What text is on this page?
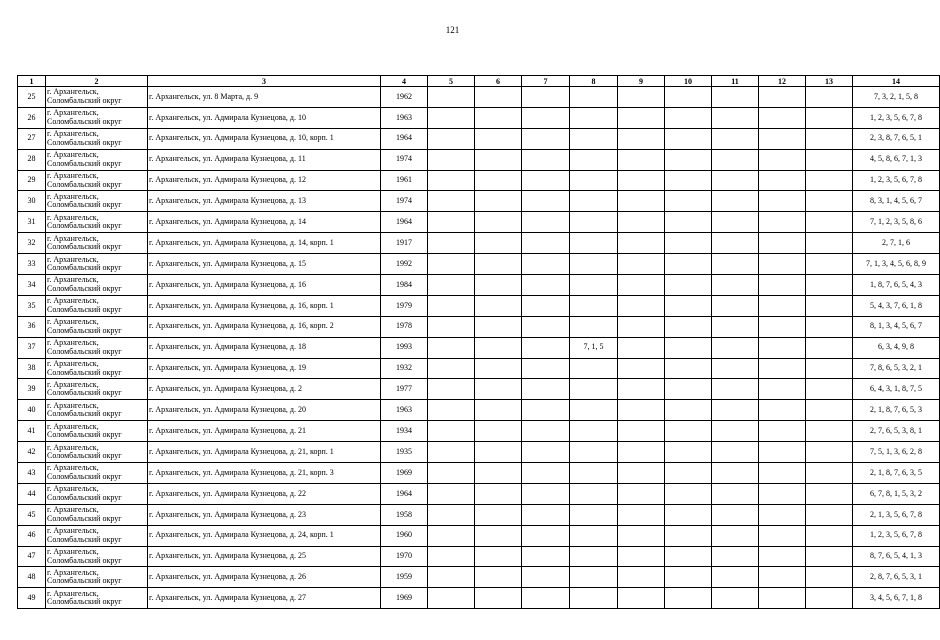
121
1	2	3	4	5	6	7	8	9	10	11	12	13	14
25	г. Архангельск,
Соломбальский округ	г. Архангельск, ул. 8 Марта, д. 9	1962										7, 3, 2, 1, 5, 8
26	г. Архангельск,
Соломбальский округ	г. Архангельск, ул. Адмирала Кузнецова, д. 10	1963										1, 2, 3, 5, 6, 7, 8
27	г. Архангельск,
Соломбальский округ	г. Архангельск, ул. Адмирала Кузнецова, д. 10, корп. 1	1964										2, 3, 8, 7, 6, 5, 1
28	г. Архангельск,
Соломбальский округ	г. Архангельск, ул. Адмирала Кузнецова, д. 11	1974										4, 5, 8, 6, 7, 1, 3
29	г. Архангельск,
Соломбальский округ	г. Архангельск, ул. Адмирала Кузнецова, д. 12	1961										1, 2, 3, 5, 6, 7, 8
30	г. Архангельск,
Соломбальский округ	г. Архангельск, ул. Адмирала Кузнецова, д. 13	1974										8, 3, 1, 4, 5, 6, 7
31	г. Архангельск,
Соломбальский округ	г. Архангельск, ул. Адмирала Кузнецова, д. 14	1964										7, 1, 2, 3, 5, 8, 6
32	г. Архангельск,
Соломбальский округ	г. Архангельск, ул. Адмирала Кузнецова, д. 14, корп. 1	1917										2, 7, 1, 6
33	г. Архангельск,
Соломбальский округ	г. Архангельск, ул. Адмирала Кузнецова, д. 15	1992										7, 1, 3, 4, 5, 6, 8, 9
34	г. Архангельск,
Соломбальский округ	г. Архангельск, ул. Адмирала Кузнецова, д. 16	1984										1, 8, 7, 6, 5, 4, 3
35	г. Архангельск,
Соломбальский округ	г. Архангельск, ул. Адмирала Кузнецова, д. 16, корп. 1	1979										5, 4, 3, 7, 6, 1, 8
36	г. Архангельск,
Соломбальский округ	г. Архангельск, ул. Адмирала Кузнецова, д. 16, корп. 2	1978										8, 1, 3, 4, 5, 6, 7
37	г. Архангельск,
Соломбальский округ	г. Архангельск, ул. Адмирала Кузнецова, д. 18	1993				7, 1, 5						6, 3, 4, 9, 8
38	г. Архангельск,
Соломбальский округ	г. Архангельск, ул. Адмирала Кузнецова, д. 19	1932										7, 8, 6, 5, 3, 2, 1
39	г. Архангельск,
Соломбальский округ	г. Архангельск, ул. Адмирала Кузнецова, д. 2	1977										6, 4, 3, 1, 8, 7, 5
40	г. Архангельск,
Соломбальский округ	г. Архангельск, ул. Адмирала Кузнецова, д. 20	1963										2, 1, 8, 7, 6, 5, 3
41	г. Архангельск,
Соломбальский округ	г. Архангельск, ул. Адмирала Кузнецова, д. 21	1934										2, 7, 6, 5, 3, 8, 1
42	г. Архангельск,
Соломбальский округ	г. Архангельск, ул. Адмирала Кузнецова, д. 21, корп. 1	1935										7, 5, 1, 3, 6, 2, 8
43	г. Архангельск,
Соломбальский округ	г. Архангельск, ул. Адмирала Кузнецова, д. 21, корп. 3	1969										2, 1, 8, 7, 6, 3, 5
44	г. Архангельск,
Соломбальский округ	г. Архангельск, ул. Адмирала Кузнецова, д. 22	1964										6, 7, 8, 1, 5, 3, 2
45	г. Архангельск,
Соломбальский округ	г. Архангельск, ул. Адмирала Кузнецова, д. 23	1958										2, 1, 3, 5, 6, 7, 8
46	г. Архангельск,
Соломбальский округ	г. Архангельск, ул. Адмирала Кузнецова, д. 24, корп. 1	1960										1, 2, 3, 5, 6, 7, 8
47	г. Архангельск,
Соломбальский округ	г. Архангельск, ул. Адмирала Кузнецова, д. 25	1970										8, 7, 6, 5, 4, 1, 3
48	г. Архангельск,
Соломбальский округ	г. Архангельск, ул. Адмирала Кузнецова, д. 26	1959										2, 8, 7, 6, 5, 3, 1
49	г. Архангельск,
Соломбальский округ	г. Архангельск, ул. Адмирала Кузнецова, д. 27	1969										3, 4, 5, 6, 7, 1, 8
